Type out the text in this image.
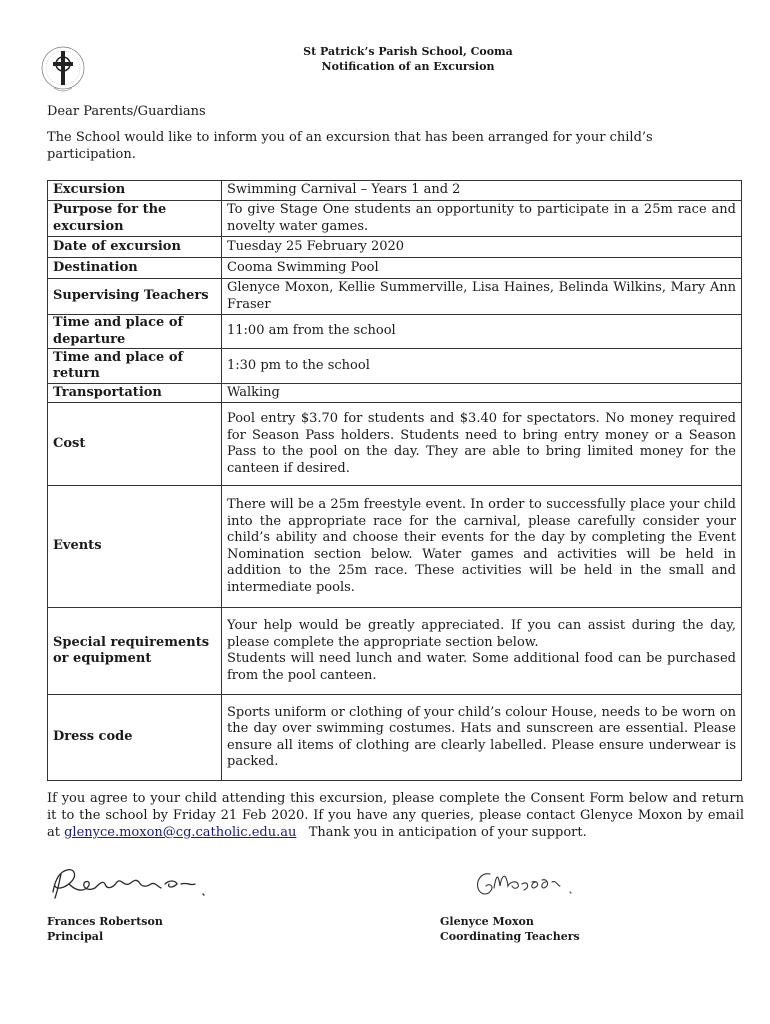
St Patrick’s Parish School, Cooma
Notification of an Excursion
Dear Parents/Guardians
The School would like to inform you of an excursion that has been arranged for your child’s participation.
Excursion	Swimming Carnival – Years 1 and 2
Purpose for the excursion	To give Stage One students an opportunity to participate in a 25m race and novelty water games.
Date of excursion	Tuesday 25 February 2020
Destination	Cooma Swimming Pool
Supervising Teachers	Glenyce Moxon, Kellie Summerville, Lisa Haines, Belinda Wilkins, Mary Ann Fraser
Time and place of departure	11:00 am from the school
Time and place of return	1:30 pm to the school
Transportation	Walking
Cost	Pool entry $3.70 for students and $3.40 for spectators. No money required for Season Pass holders. Students need to bring entry money or a Season Pass to the pool on the day. They are able to bring limited money for the canteen if desired.
Events	There will be a 25m freestyle event. In order to successfully place your child into the appropriate race for the carnival, please carefully consider your child’s ability and choose their events for the day by completing the Event Nomination section below. Water games and activities will be held in addition to the 25m race. These activities will be held in the small and intermediate pools.
Special requirements or equipment	Your help would be greatly appreciated. If you can assist during the day, please complete the appropriate section below.
Students will need lunch and water. Some additional food can be purchased from the pool canteen.

Dress code	Sports uniform or clothing of your child’s colour House, needs to be worn on the day over swimming costumes. Hats and sunscreen are essential. Please ensure all items of clothing are clearly labelled. Please ensure underwear is packed.
If you agree to your child attending this excursion, please complete the Consent Form below and return it to the school by Friday 21 Feb 2020. If you have any queries, please contact Glenyce Moxon by email at glenyce.moxon@cg.catholic.edu.au   Thank you in anticipation of your support.
Frances Robertson
Principal
Glenyce Moxon
Coordinating Teachers
